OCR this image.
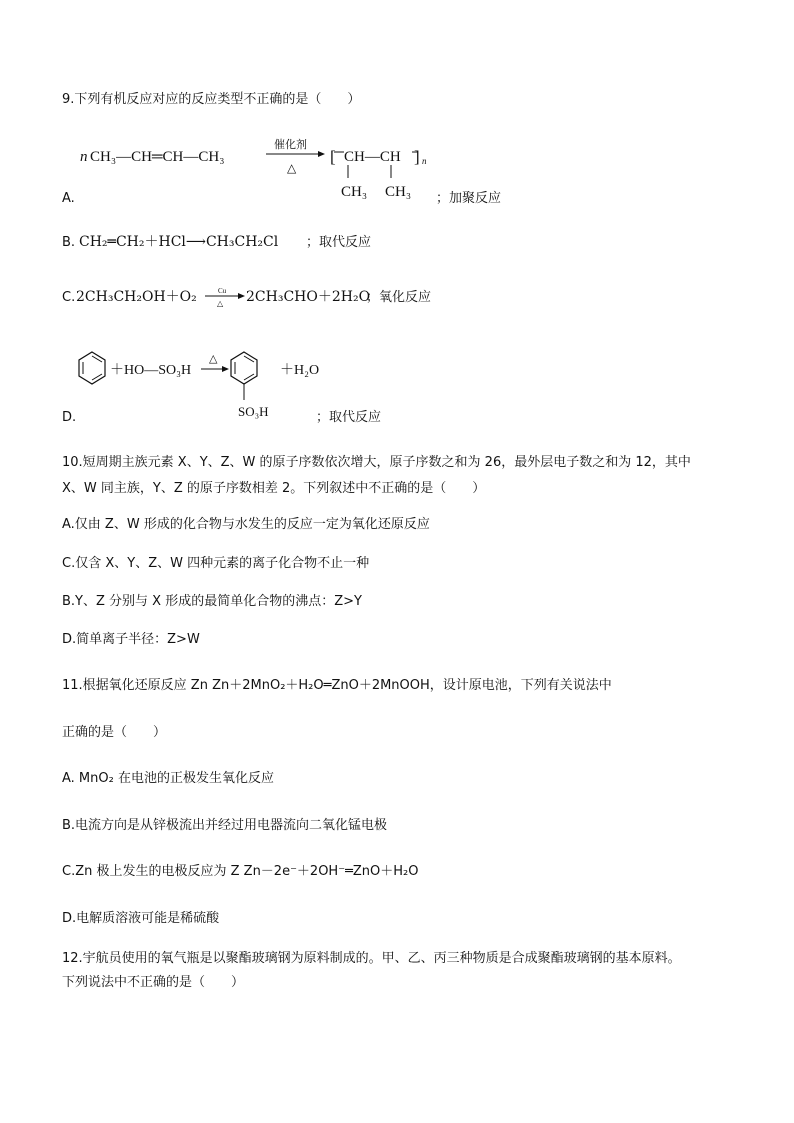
9.下列有机反应对应的反应类型不正确的是（　　）
n CH₃—CH═CH—CH₃
催化剂
△
[ CH—CH ] n
CH₃ CH₃
A.	；加聚反应
B. CH₂═CH₂＋HCl⟶CH₃CH₂Cl ；取代反应
C. 2CH₃CH₂OH＋O₂	Cu
△ 2CH₃CHO＋2H₂O
；氧化反应
＋HO—SO₃H
△
SO₃H
＋H₂O
D.	；取代反应
10.短周期主族元素 X、Y、Z、W 的原子序数依次增大，原子序数之和为 26，最外层电子数之和为 12，其中
X、W 同主族，Y、Z 的原子序数相差 2。下列叙述中不正确的是（　　）
A.仅由 Z、W 形成的化合物与水发生的反应一定为氧化还原反应
C.仅含 X、Y、Z、W 四种元素的离子化合物不止一种
B.Y、Z 分别与 X 形成的最简单化合物的沸点：Z>Y
D.简单离子半径：Z>W
11.根据氧化还原反应 Zn Zn＋2MnO₂＋H₂O═ZnO＋2MnOOH，设计原电池，下列有关说法中
正确的是（　　）
A. MnO₂ 在电池的正极发生氧化反应
B.电流方向是从锌极流出并经过用电器流向二氧化锰电极
C.Zn 极上发生的电极反应为 Z Zn－2e⁻＋2OH⁻═ZnO＋H₂O
D.电解质溶液可能是稀硫酸
12.宇航员使用的氧气瓶是以聚酯玻璃钢为原料制成的。甲、乙、丙三种物质是合成聚酯玻璃钢的基本原料。
下列说法中不正确的是（　　）
